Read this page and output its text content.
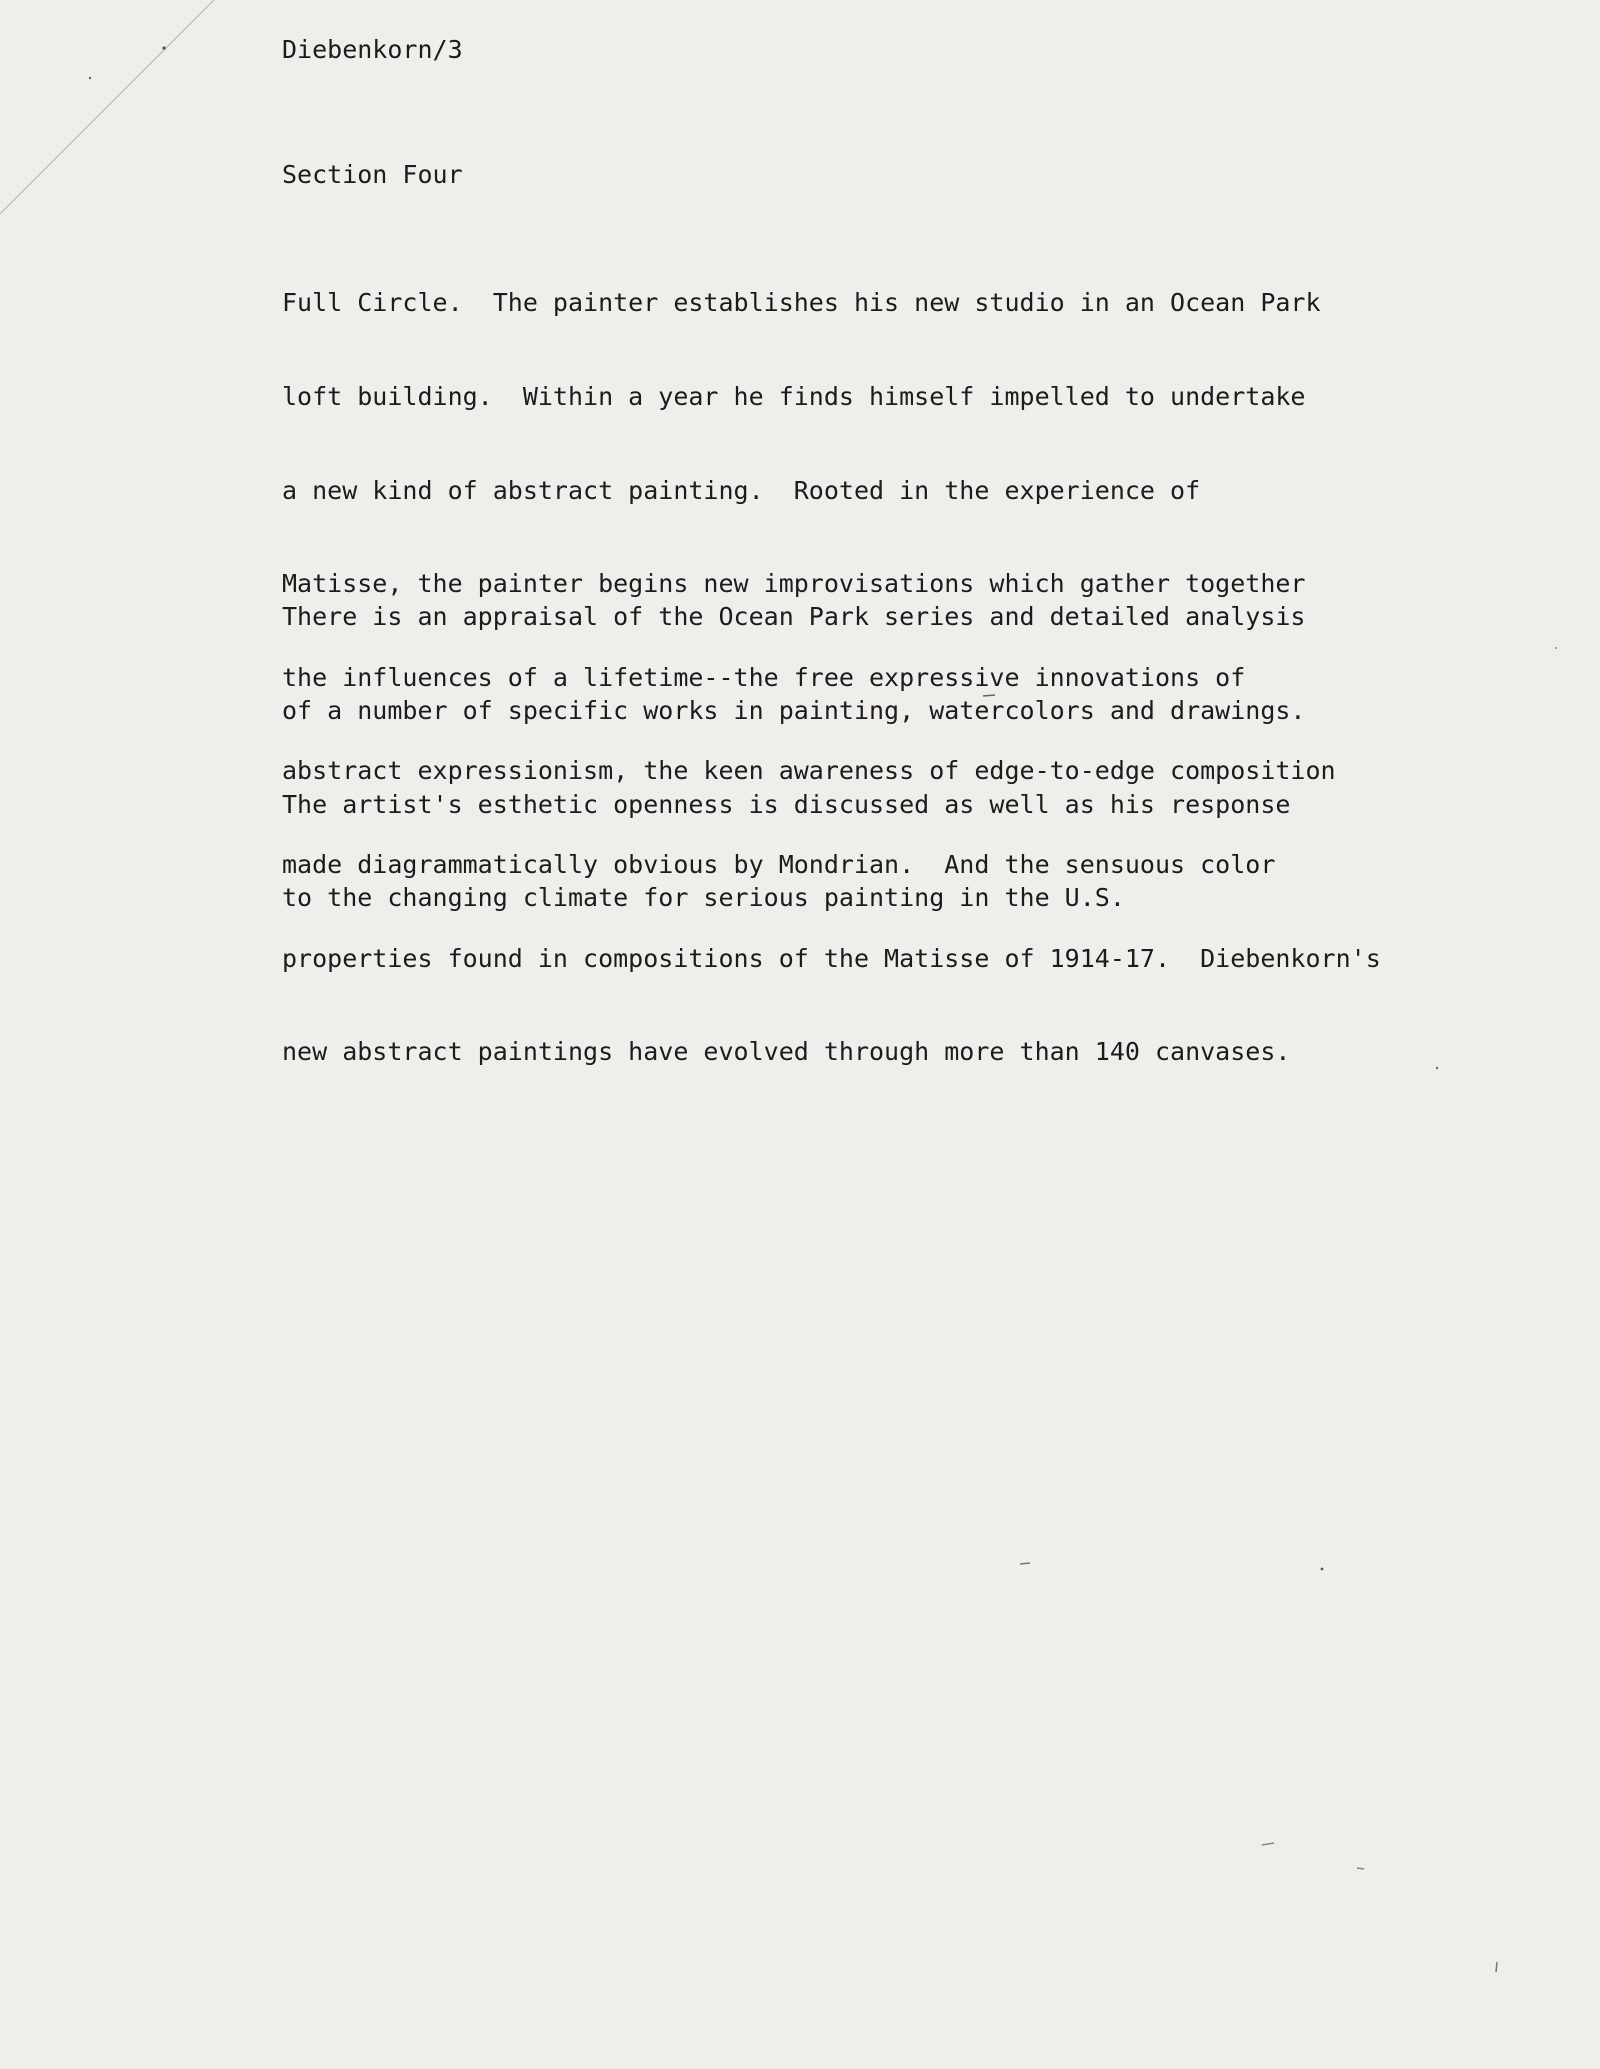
Diebenkorn/3
Section Four

Full Circle.  The painter establishes his new studio in an Ocean Park

loft building.  Within a year he finds himself impelled to undertake

a new kind of abstract painting.  Rooted in the experience of

Matisse, the painter begins new improvisations which gather together

the influences of a lifetime--the free expressive innovations of

abstract expressionism, the keen awareness of edge-to-edge composition

made diagrammatically obvious by Mondrian.  And the sensuous color

properties found in compositions of the Matisse of 1914-17.  Diebenkorn's

new abstract paintings have evolved through more than 140 canvases.

There is an appraisal of the Ocean Park series and detailed analysis

of a number of specific works in painting, watercolors and drawings.

The artist's esthetic openness is discussed as well as his response

to the changing climate for serious painting in the U.S.
